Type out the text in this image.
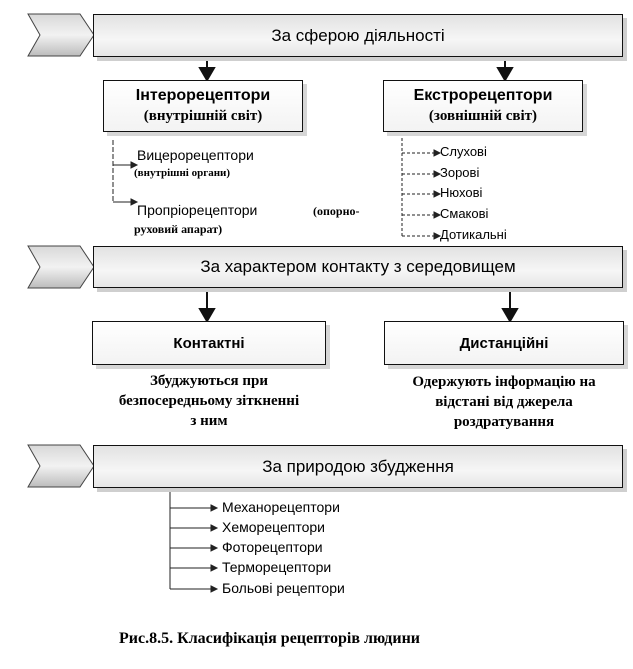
За сферою діяльності
Інтерорецептори
(внутрішній світ)
Екстрорецептори
(зовнішній світ)
Вицерорецептори
(внутрішні органи)
Пропріорецептори	(опорно-
руховий апарат)
Слухові
Зорові
Нюхові
Смакові
Дотикальні
За характером контакту з середовищем
Контактні	Дистанційні
Збуджуються при
безпосередньому зіткненні
з ним
Одержують інформацію на
відстані від джерела
роздратування
За природою збудження
Механорецептори
Хеморецептори
Фоторецептори
Терморецептори
Больові рецептори
Рис.8.5. Класифікація рецепторів людини
